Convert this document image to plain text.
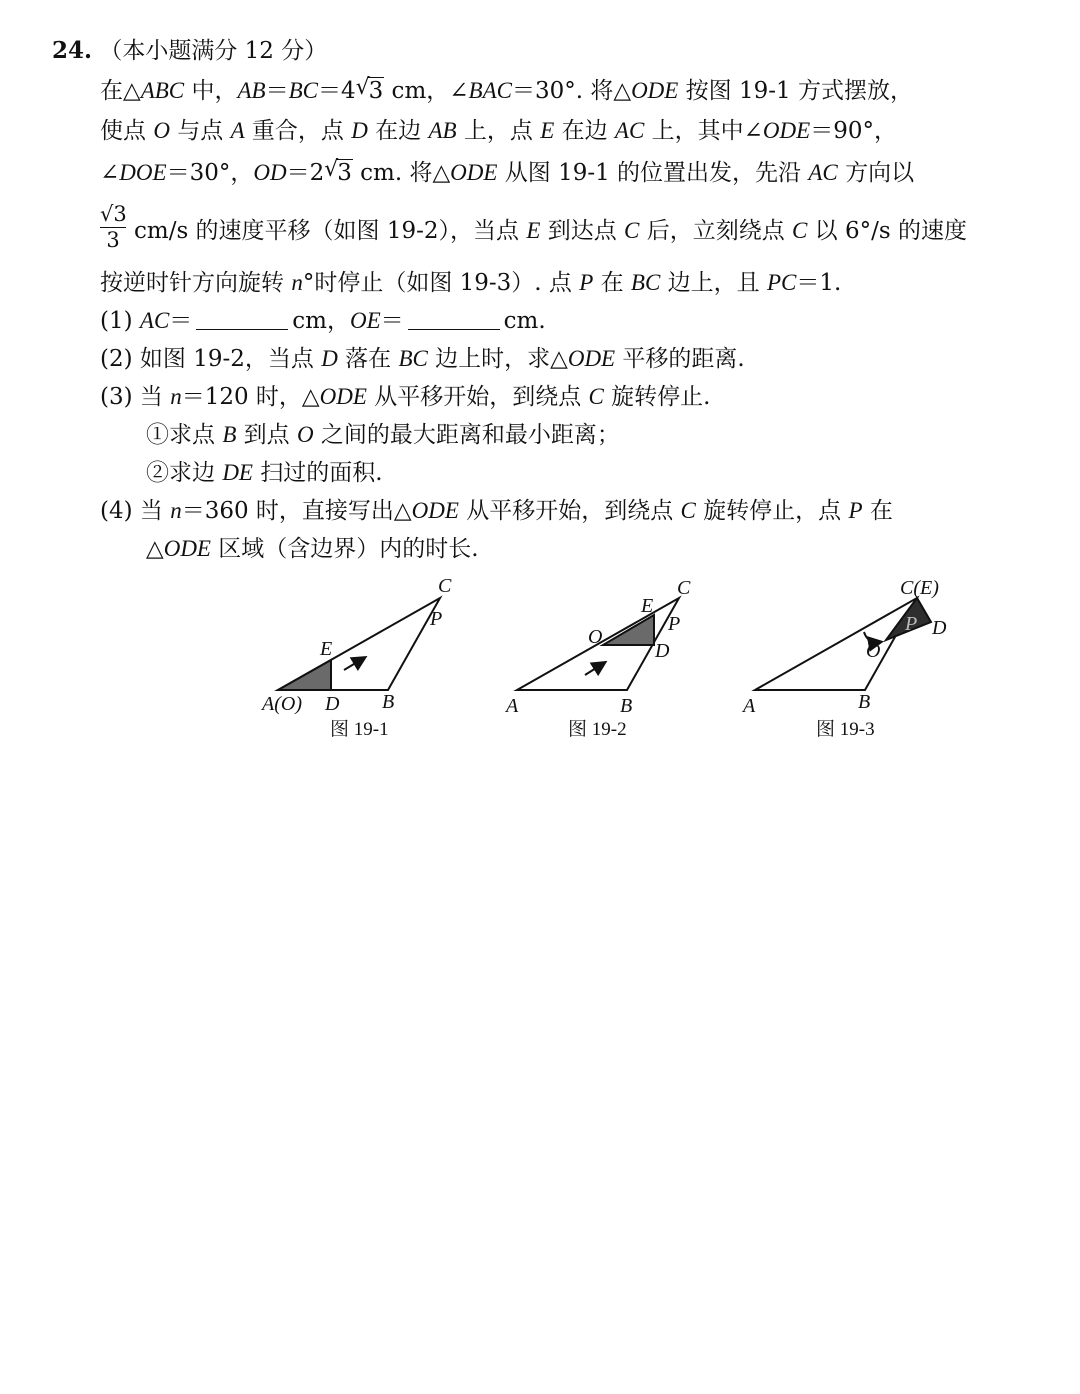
24. （本小题满分 12 分）
在△ABC 中，AB＝BC＝4 √
3 cm，∠BAC＝30°. 将△ODE 按图 19-1 方式摆放，
使点 O 与点 A 重合，点 D 在边 AB 上，点 E 在边 AC 上，其中∠ODE＝90°，
∠DOE＝30°，OD＝2 √
3 cm. 将△ODE 从图 19-1 的位置出发，先沿 AC 方向以
$\frac{√3}{3} cm/s$ 的速度平移（如图 19-2），当点 E 到达点 C 后，立刻绕点 C 以 6°/s 的速度
按逆时针方向旋转 n°时停止（如图 19-3）. 点 P 在 BC 边上，且 PC＝1.
(1) AC＝	cm，OE＝	cm.
(2) 如图 19-2，当点 D 落在 BC 边上时，求△ODE 平移的距离.
(3) 当 n＝120 时，△ODE 从平移开始，到绕点 C 旋转停止.
①求点 B 到点 O 之间的最大距离和最小距离；
②求边 DE 扫过的面积.
(4) 当 n＝360 时，直接写出△ODE 从平移开始，到绕点 C 旋转停止，点 P 在
△ODE 区域（含边界）内的时长.
A(O) D B
E
C
P
图 19-1
A	B
O
E
C
P
D
图 19-2
A	B
C(E)
O
P D
图 19-3
